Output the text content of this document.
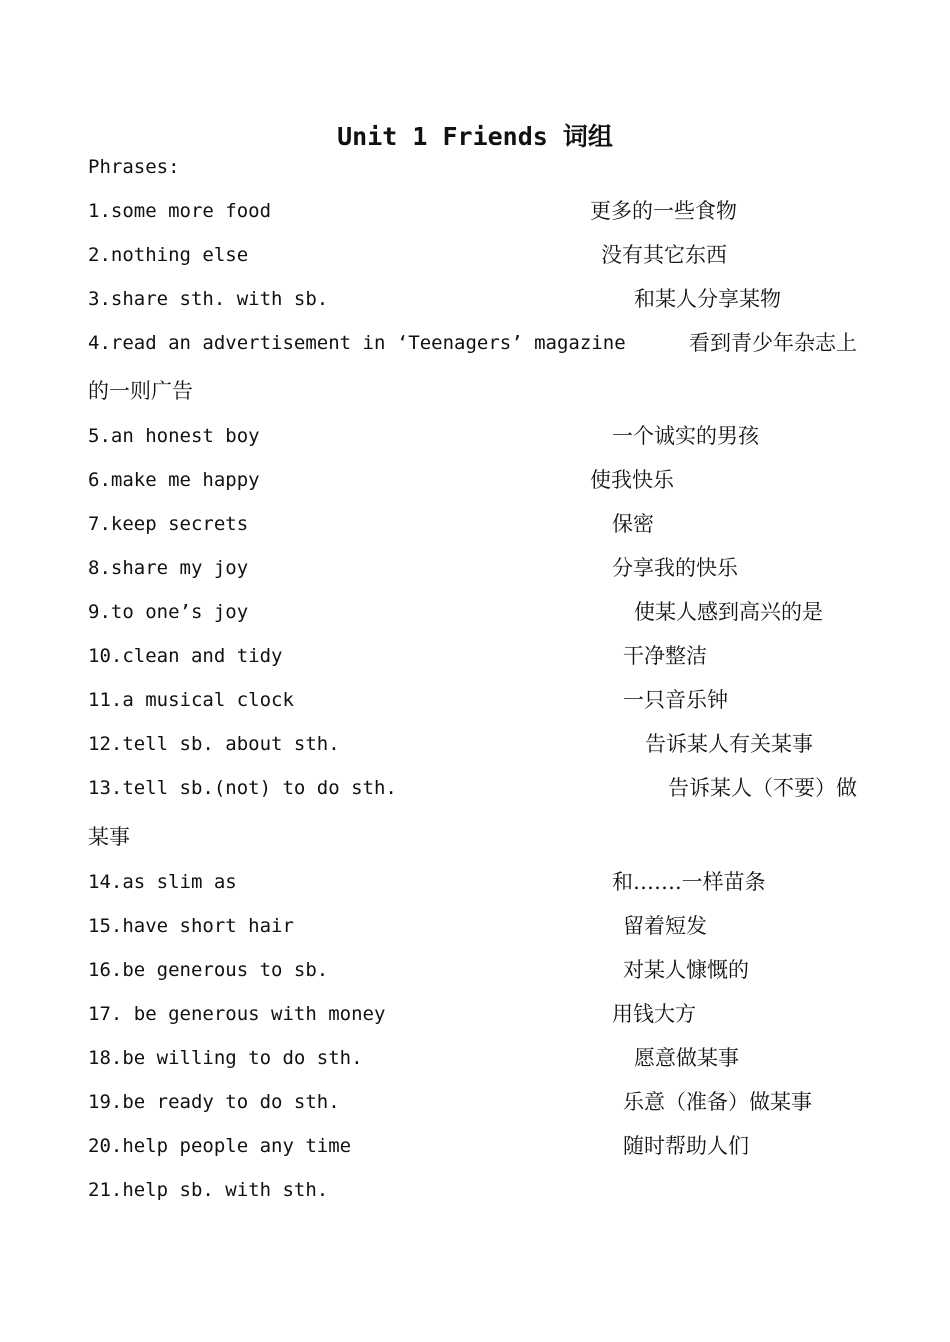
Unit 1 Friends 词组
Phrases:

1.some more food

	更多的一些食物

2.nothing else

	没有其它东西

3.share sth. with sb.

	和某人分享某物

4.read an advertisement in ‘Teenagers’ magazine

	看到青少年杂志上

的一则广告

5.an honest boy

	一个诚实的男孩

6.make me happy

	使我快乐

7.keep secrets

	保密

8.share my joy

	分享我的快乐

9.to one’s joy

	使某人感到高兴的是

10.clean and tidy

	干净整洁

11.a musical clock

	一只音乐钟

12.tell sb. about sth.

	告诉某人有关某事

13.tell sb.(not) to do sth.

	告诉某人（不要）做

某事

14.as slim as

	和…….一样苗条

15.have short hair

	留着短发

16.be generous to sb.

	对某人慷慨的

17. be generous with money

	用钱大方

18.be willing to do sth.

	愿意做某事

19.be ready to do sth.

	乐意（准备）做某事

20.help people any time

	随时帮助人们

21.help sb. with sth.
